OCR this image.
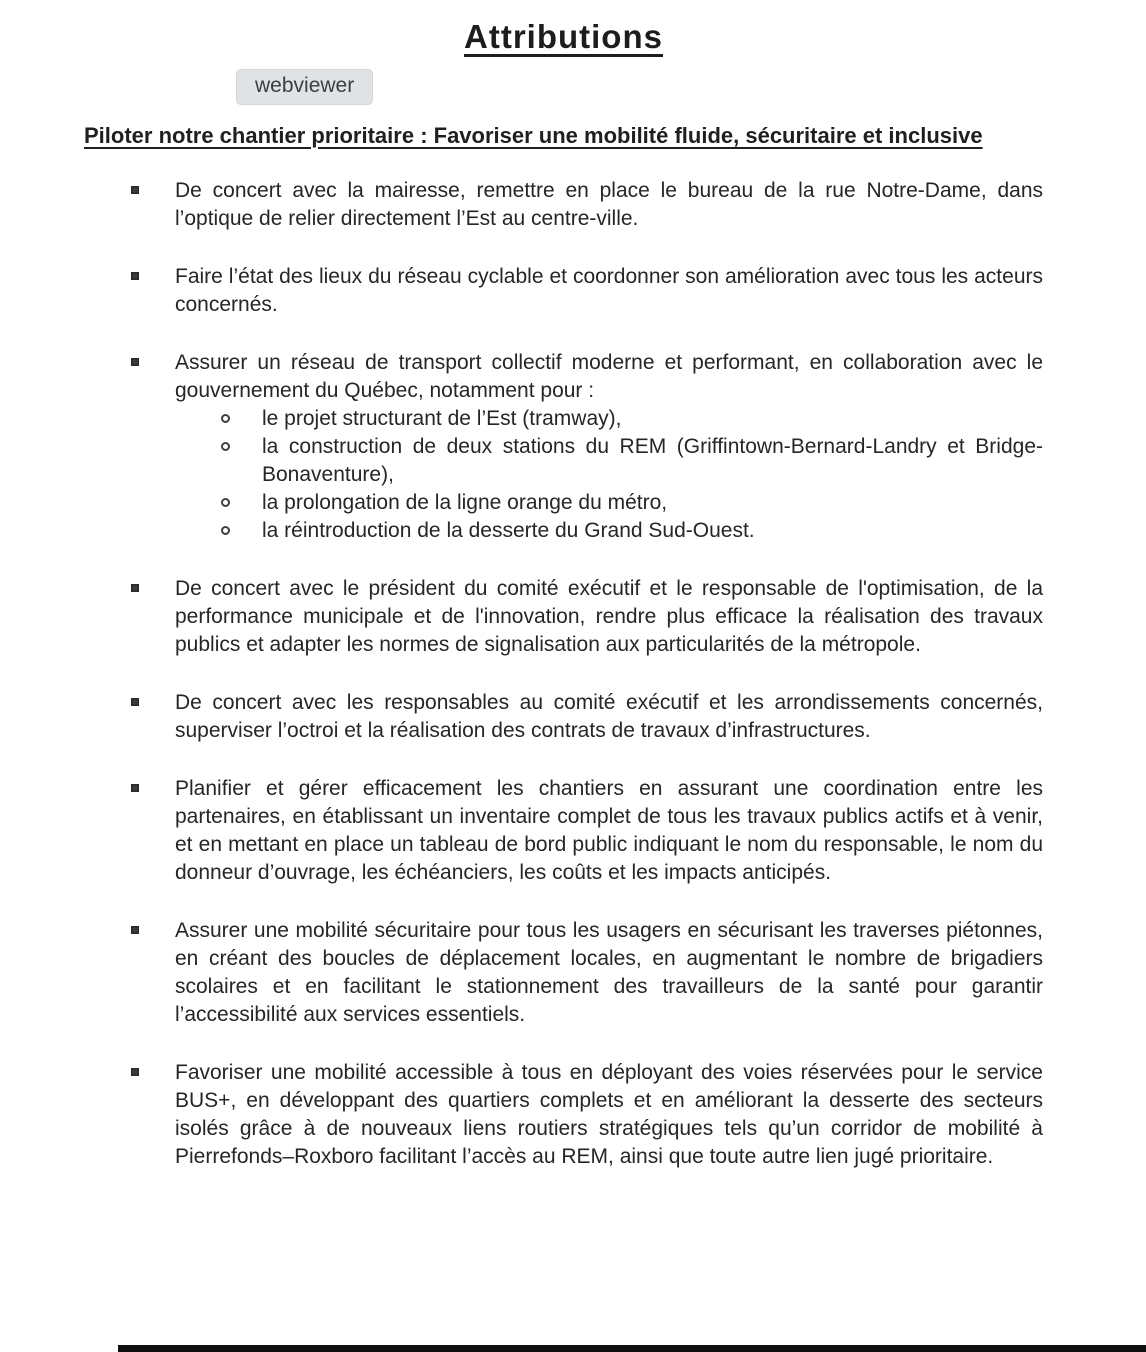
Attributions
webviewer
Piloter notre chantier prioritaire : Favoriser une mobilité fluide, sécuritaire et inclusive

De concert avec la mairesse, remettre en place le bureau de la rue Notre-Dame, dans l’optique de relier directement l’Est au centre-ville.

Faire l’état des lieux du réseau cyclable et coordonner son amélioration avec tous les acteurs concernés.

Assurer un réseau de transport collectif moderne et performant, en collaboration avec le gouvernement du Québec, notamment pour :

le projet structurant de l’Est (tramway),

la construction de deux stations du REM (Griffintown-Bernard-Landry et Bridge-Bonaventure),

la prolongation de la ligne orange du métro,

la réintroduction de la desserte du Grand Sud-Ouest.

De concert avec le président du comité exécutif et le responsable de l'optimisation, de la performance municipale et de l'innovation, rendre plus efficace la réalisation des travaux publics et adapter les normes de signalisation aux particularités de la métropole.

De concert avec les responsables au comité exécutif et les arrondissements concernés, superviser l’octroi et la réalisation des contrats de travaux d’infrastructures.

Planifier et gérer efficacement les chantiers en assurant une coordination entre les partenaires, en établissant un inventaire complet de tous les travaux publics actifs et à venir, et en mettant en place un tableau de bord public indiquant le nom du responsable, le nom du donneur d’ouvrage, les échéanciers, les coûts et les impacts anticipés.

Assurer une mobilité sécuritaire pour tous les usagers en sécurisant les traverses piétonnes, en créant des boucles de déplacement locales, en augmentant le nombre de brigadiers scolaires et en facilitant le stationnement des travailleurs de la santé pour garantir l’accessibilité aux services essentiels.

Favoriser une mobilité accessible à tous en déployant des voies réservées pour le service BUS+, en développant des quartiers complets et en améliorant la desserte des secteurs isolés grâce à de nouveaux liens routiers stratégiques tels qu’un corridor de mobilité à Pierrefonds–Roxboro facilitant l’accès au REM, ainsi que toute autre lien jugé prioritaire.
